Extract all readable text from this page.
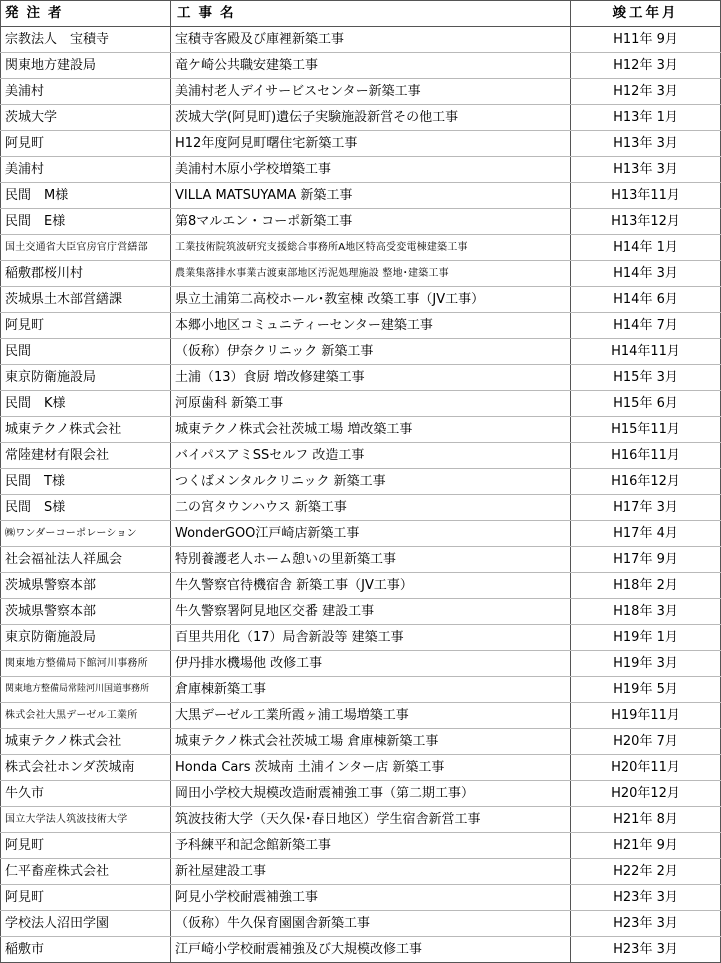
発注者	工事名	竣工年月
宗教法人　宝積寺	宝積寺客殿及び庫裡新築工事	H11年 9月
関東地方建設局	竜ケ崎公共職安建築工事	H12年 3月
美浦村	美浦村老人デイサービスセンター新築工事	H12年 3月
茨城大学	茨城大学(阿見町)遺伝子実験施設新営その他工事	H13年 1月
阿見町	H12年度阿見町曙住宅新築工事	H13年 3月
美浦村	美浦村木原小学校増築工事	H13年 3月
民間　M様	VILLA MATSUYAMA 新築工事	H13年11月
民間　E様	第8マルエン・コーポ新築工事	H13年12月
国土交通省大臣官房官庁営繕部	工業技術院筑波研究支援総合事務所A地区特高受変電棟建築工事	H14年 1月
稲敷郡桜川村	農業集落排水事業古渡東部地区汚泥処理施設 整地･建築工事	H14年 3月
茨城県土木部営繕課	県立土浦第二高校ホール･教室棟 改築工事（JV工事）	H14年 6月
阿見町	本郷小地区コミュニティーセンター建築工事	H14年 7月
民間	（仮称）伊奈クリニック 新築工事	H14年11月
東京防衛施設局	土浦（13）食厨 増改修建築工事	H15年 3月
民間　K様	河原歯科 新築工事	H15年 6月
城東テクノ株式会社	城東テクノ株式会社茨城工場 増改築工事	H15年11月
常陸建材有限会社	バイパスアミSSセルフ 改造工事	H16年11月
民間　T様	つくばメンタルクリニック 新築工事	H16年12月
民間　S様	二の宮タウンハウス 新築工事	H17年 3月
㈱ワンダーコーポレーション	WonderGOO江戸崎店新築工事	H17年 4月
社会福祉法人祥風会	特別養護老人ホーム憩いの里新築工事	H17年 9月
茨城県警察本部	牛久警察官待機宿舎 新築工事（JV工事）	H18年 2月
茨城県警察本部	牛久警察署阿見地区交番 建設工事	H18年 3月
東京防衛施設局	百里共用化（17）局舎新設等 建築工事	H19年 1月
関東地方整備局下館河川事務所	伊丹排水機場他 改修工事	H19年 3月
関東地方整備局常陸河川国道事務所	倉庫棟新築工事	H19年 5月
株式会社大黒デーゼル工業所	大黒デーゼル工業所霞ヶ浦工場増築工事	H19年11月
城東テクノ株式会社	城東テクノ株式会社茨城工場 倉庫棟新築工事	H20年 7月
株式会社ホンダ茨城南	Honda Cars 茨城南 土浦インター店 新築工事	H20年11月
牛久市	岡田小学校大規模改造耐震補強工事（第二期工事）	H20年12月
国立大学法人筑波技術大学	筑波技術大学（天久保･春日地区）学生宿舎新営工事	H21年 8月
阿見町	予科練平和記念館新築工事	H21年 9月
仁平畜産株式会社	新社屋建設工事	H22年 2月
阿見町	阿見小学校耐震補強工事	H23年 3月
学校法人沼田学園	（仮称）牛久保育園園舎新築工事	H23年 3月
稲敷市	江戸崎小学校耐震補強及び大規模改修工事	H23年 3月
